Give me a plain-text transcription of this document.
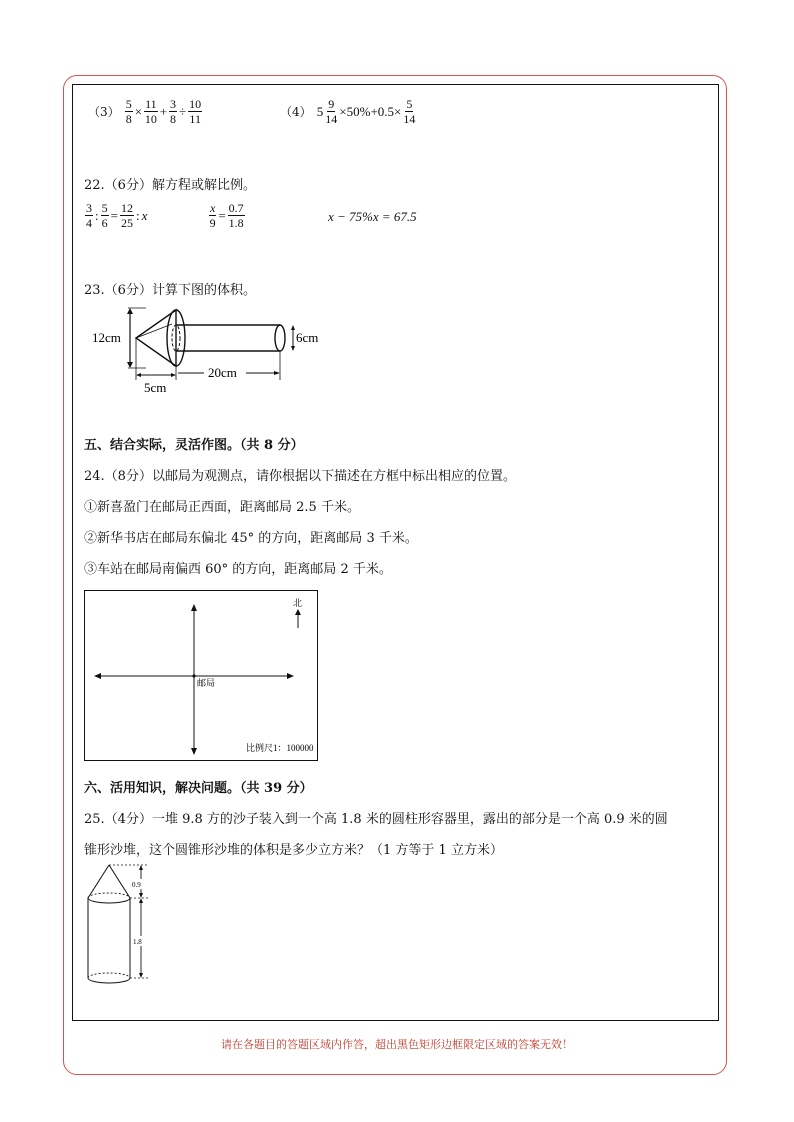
$(3) \frac{5}{8} \times \frac{11}{10} + \frac{3}{8} \div \frac{10}{11}$	（4） $5 \frac{9}{14} \times 50\%+0.5\times \frac{5}{14}$
22.（6分）解方程或解比例。
$\frac{3}{4}$ : $\frac{5}{6} = \frac{12}{25}$ : x	$\frac{x}{9} = \frac{0.7}{1.8}$	x − 75%x = 67.5
23.（6分）计算下图的体积。
12cm	6cm
5cm
20cm
五、结合实际，灵活作图。（共 8 分）
24.（8分）以邮局为观测点，请你根据以下描述在方框中标出相应的位置。
①新喜盈门在邮局正西面，距离邮局 2.5 千米。
②新华书店在邮局东偏北 45° 的方向，距离邮局 3 千米。
③车站在邮局南偏西 60° 的方向，距离邮局 2 千米。
邮局
北
比例尺1：100000
六、活用知识，解决问题。（共 39 分）
25.（4分）一堆 9.8 方的沙子装入到一个高 1.8 米的圆柱形容器里，露出的部分是一个高 0.9 米的圆
锥形沙堆，这个圆锥形沙堆的体积是多少立方米？（1 方等于 1 立方米）
0.9
1.8
请在各题目的答题区域内作答，超出黑色矩形边框限定区域的答案无效！
